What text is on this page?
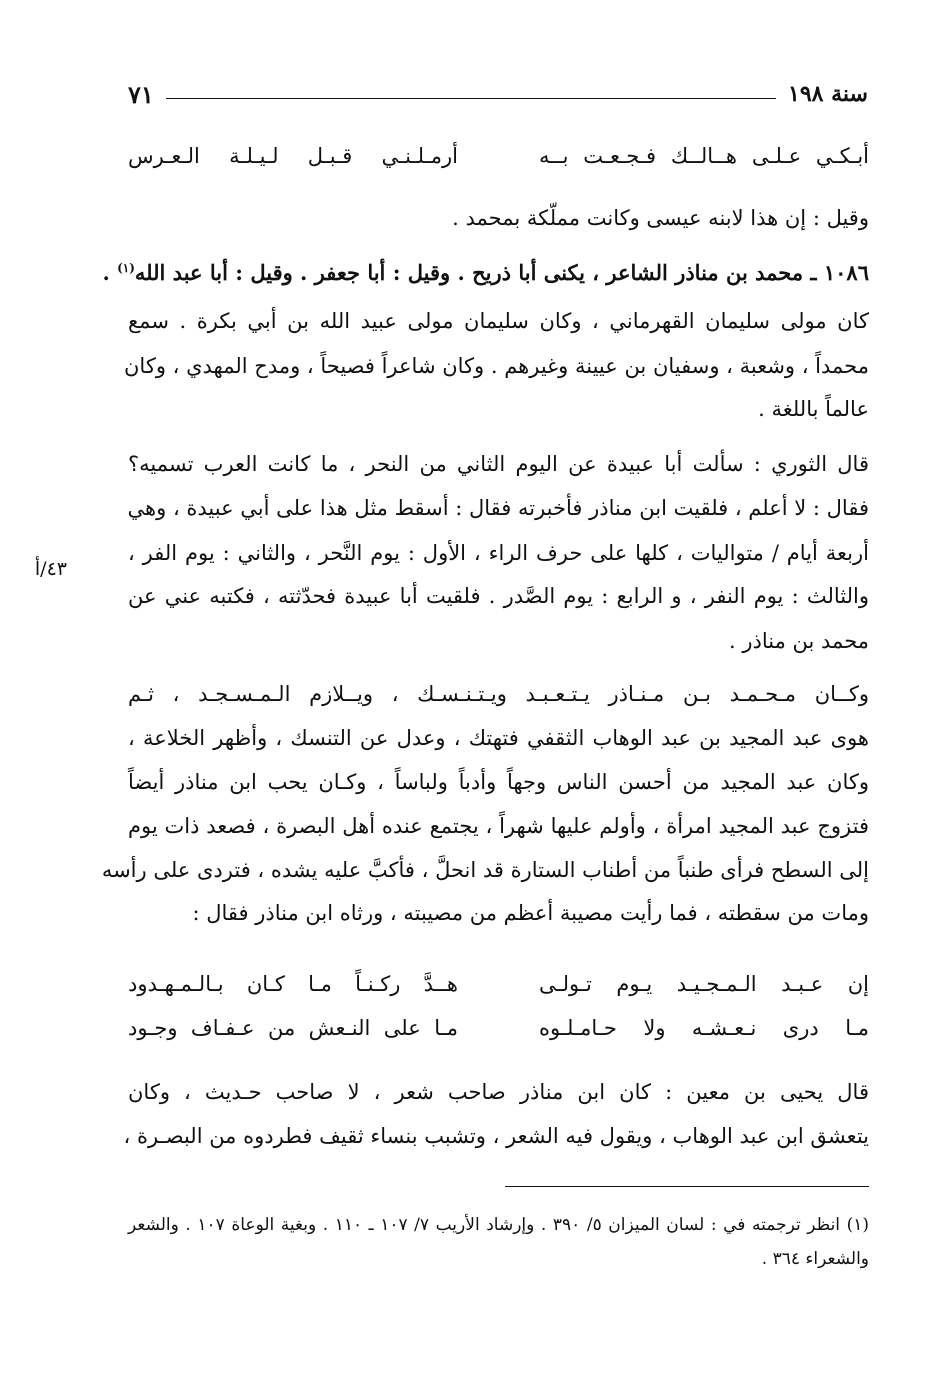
سنة ١٩٨
٧١
أبـكـي عـلـى هــالــك فـجـعـت بــه
أرمـلـنـي قـبـل لـيـلـة الـعـرس
وقيل : إن هذا لابنه عيسى وكانت مملّكة بمحمد .
١٠٨٦ ـ محمد بن مناذر الشاعر ، يكنى أبا ذريح . وقيل : أبا جعفر . وقيل : أبا عبد الله$^{(١)}$ .
كان مولى سليمان القهرماني ، وكان سليمان مولى عبيد الله بن أبي بكرة . سمع
محمداً ، وشعبة ، وسفيان بن عيينة وغيرهم . وكان شاعراً فصيحاً ، ومدح المهدي ، وكان
عالماً باللغة .
قال الثوري : سألت أبا عبيدة عن اليوم الثاني من النحر ، ما كانت العرب تسميه؟
فقال : لا أعلم ، فلقيت ابن مناذر فأخبرته فقال : أسقط مثل هذا على أبي عبيدة ، وهي
أربعة أيام / متواليات ، كلها على حرف الراء ، الأول : يوم النَّحر ، والثاني : يوم الفر ،
والثالث : يوم النفر ، و الرابع : يوم الصَّدر . فلقيت أبا عبيدة فحدّثته ، فكتبه عني عن
محمد بن مناذر .
٤٣/أ
وكــان مـحـمـد بـن مـنـاذر يـتـعـبـد ويـتـنـسـك ، ويــلازم الـمـسـجـد ، ثـم
هوى عبد المجيد بن عبد الوهاب الثقفي فتهتك ، وعدل عن التنسك ، وأظهر الخلاعة ،
وكان عبد المجيد من أحسن الناس وجهاً وأدباً ولباساً ، وكـان يحب ابن مناذر أيضاً
فتزوج عبد المجيد امرأة ، وأولم عليها شهراً ، يجتمع عنده أهل البصرة ، فصعد ذات يوم
إلى السطح فرأى طنباً من أطناب الستارة قد انحلَّ ، فأكبَّ عليه يشده ، فتردى على رأسه
ومات من سقطته ، فما رأيت مصيبة أعظم من مصيبته ، ورثاه ابن مناذر فقال :
إن عـبـد الـمـجـيـد يـوم تـولـى
هــدَّ ركـنـاً مـا كـان بـالـمـهـدود
مـا درى نـعـشـه ولا حـامـلـوه
مـا على النـعش من عـفـاف وجـود
قال يحيى بن معين : كان ابن مناذر صاحب شعر ، لا صاحب حـديث ، وكان
يتعشق ابن عبد الوهاب ، ويقول فيه الشعر ، وتشبب بنساء ثقيف فطردوه من البصـرة ،
(١) انظر ترجمته في : لسان الميزان ٥/ ٣٩٠ . وإرشاد الأريب ٧/ ١٠٧ ـ ١١٠ . وبغية الوعاة ١٠٧ . والشعر
والشعراء ٣٦٤ .
